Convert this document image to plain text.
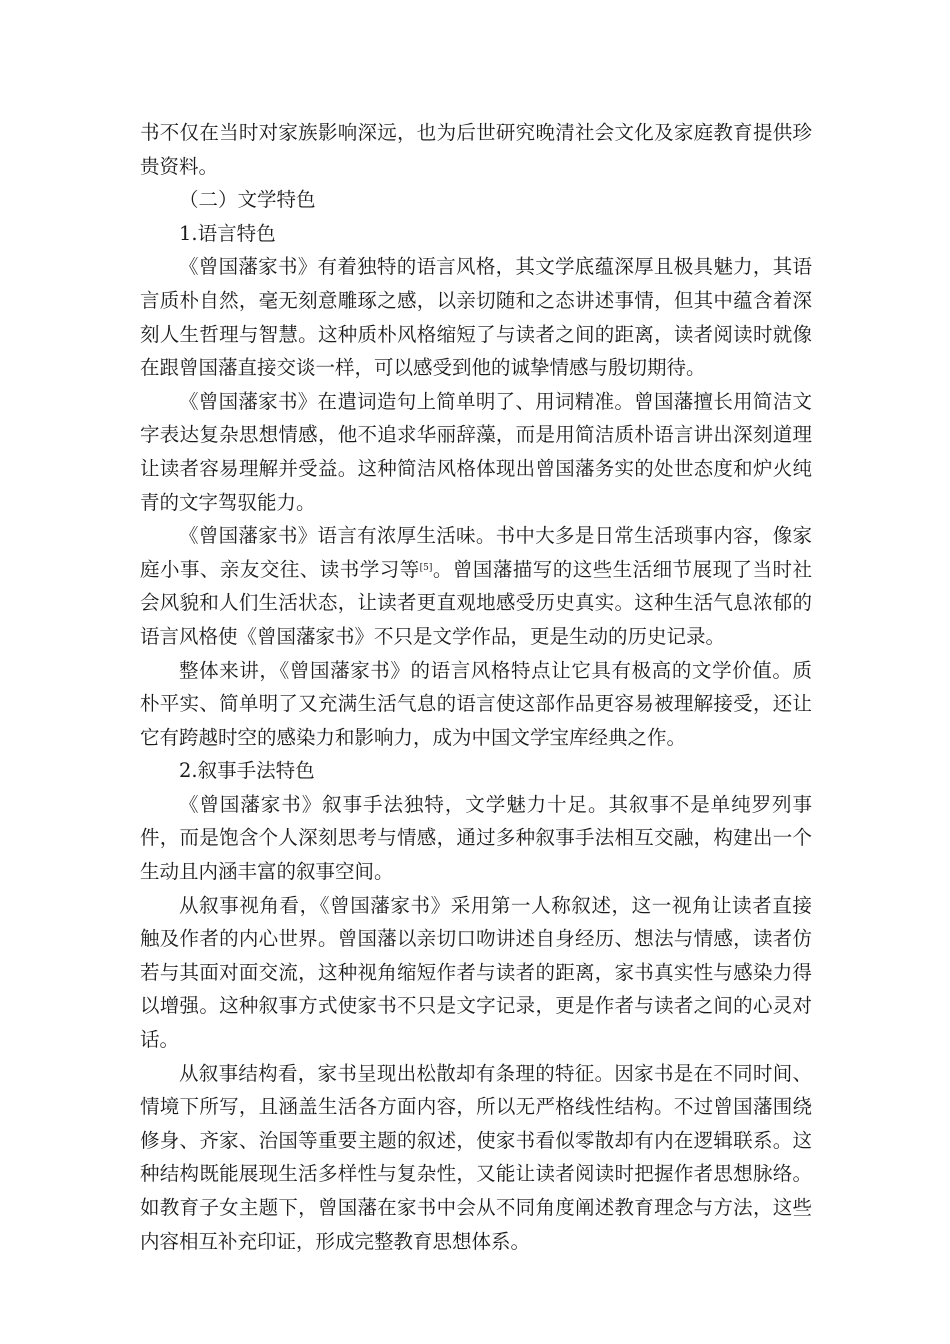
书不仅在当时对家族影响深远，也为后世研究晚清社会文化及家庭教育提供珍贵资料。

（二）文学特色

1.语言特色

《曾国藩家书》有着独特的语言风格，其文学底蕴深厚且极具魅力，其语言质朴自然，毫无刻意雕琢之感，以亲切随和之态讲述事情，但其中蕴含着深刻人生哲理与智慧。这种质朴风格缩短了与读者之间的距离，读者阅读时就像在跟曾国藩直接交谈一样，可以感受到他的诚挚情感与殷切期待。

《曾国藩家书》在遣词造句上简单明了、用词精准。曾国藩擅长用简洁文字表达复杂思想情感，他不追求华丽辞藻，而是用简洁质朴语言讲出深刻道理让读者容易理解并受益。这种简洁风格体现出曾国藩务实的处世态度和炉火纯青的文字驾驭能力。

《曾国藩家书》语言有浓厚生活味。书中大多是日常生活琐事内容，像家庭小事、亲友交往、读书学习等[5]。曾国藩描写的这些生活细节展现了当时社会风貌和人们生活状态，让读者更直观地感受历史真实。这种生活气息浓郁的语言风格使《曾国藩家书》不只是文学作品，更是生动的历史记录。

整体来讲，《曾国藩家书》的语言风格特点让它具有极高的文学价值。质朴平实、简单明了又充满生活气息的语言使这部作品更容易被理解接受，还让它有跨越时空的感染力和影响力，成为中国文学宝库经典之作。

2.叙事手法特色

《曾国藩家书》叙事手法独特，文学魅力十足。其叙事不是单纯罗列事件，而是饱含个人深刻思考与情感，通过多种叙事手法相互交融，构建出一个生动且内涵丰富的叙事空间。

从叙事视角看，《曾国藩家书》采用第一人称叙述，这一视角让读者直接触及作者的内心世界。曾国藩以亲切口吻讲述自身经历、想法与情感，读者仿若与其面对面交流，这种视角缩短作者与读者的距离，家书真实性与感染力得以增强。这种叙事方式使家书不只是文字记录，更是作者与读者之间的心灵对话。

从叙事结构看，家书呈现出松散却有条理的特征。因家书是在不同时间、情境下所写，且涵盖生活各方面内容，所以无严格线性结构。不过曾国藩围绕修身、齐家、治国等重要主题的叙述，使家书看似零散却有内在逻辑联系。这种结构既能展现生活多样性与复杂性，又能让读者阅读时把握作者思想脉络。如教育子女主题下，曾国藩在家书中会从不同角度阐述教育理念与方法，这些内容相互补充印证，形成完整教育思想体系。
